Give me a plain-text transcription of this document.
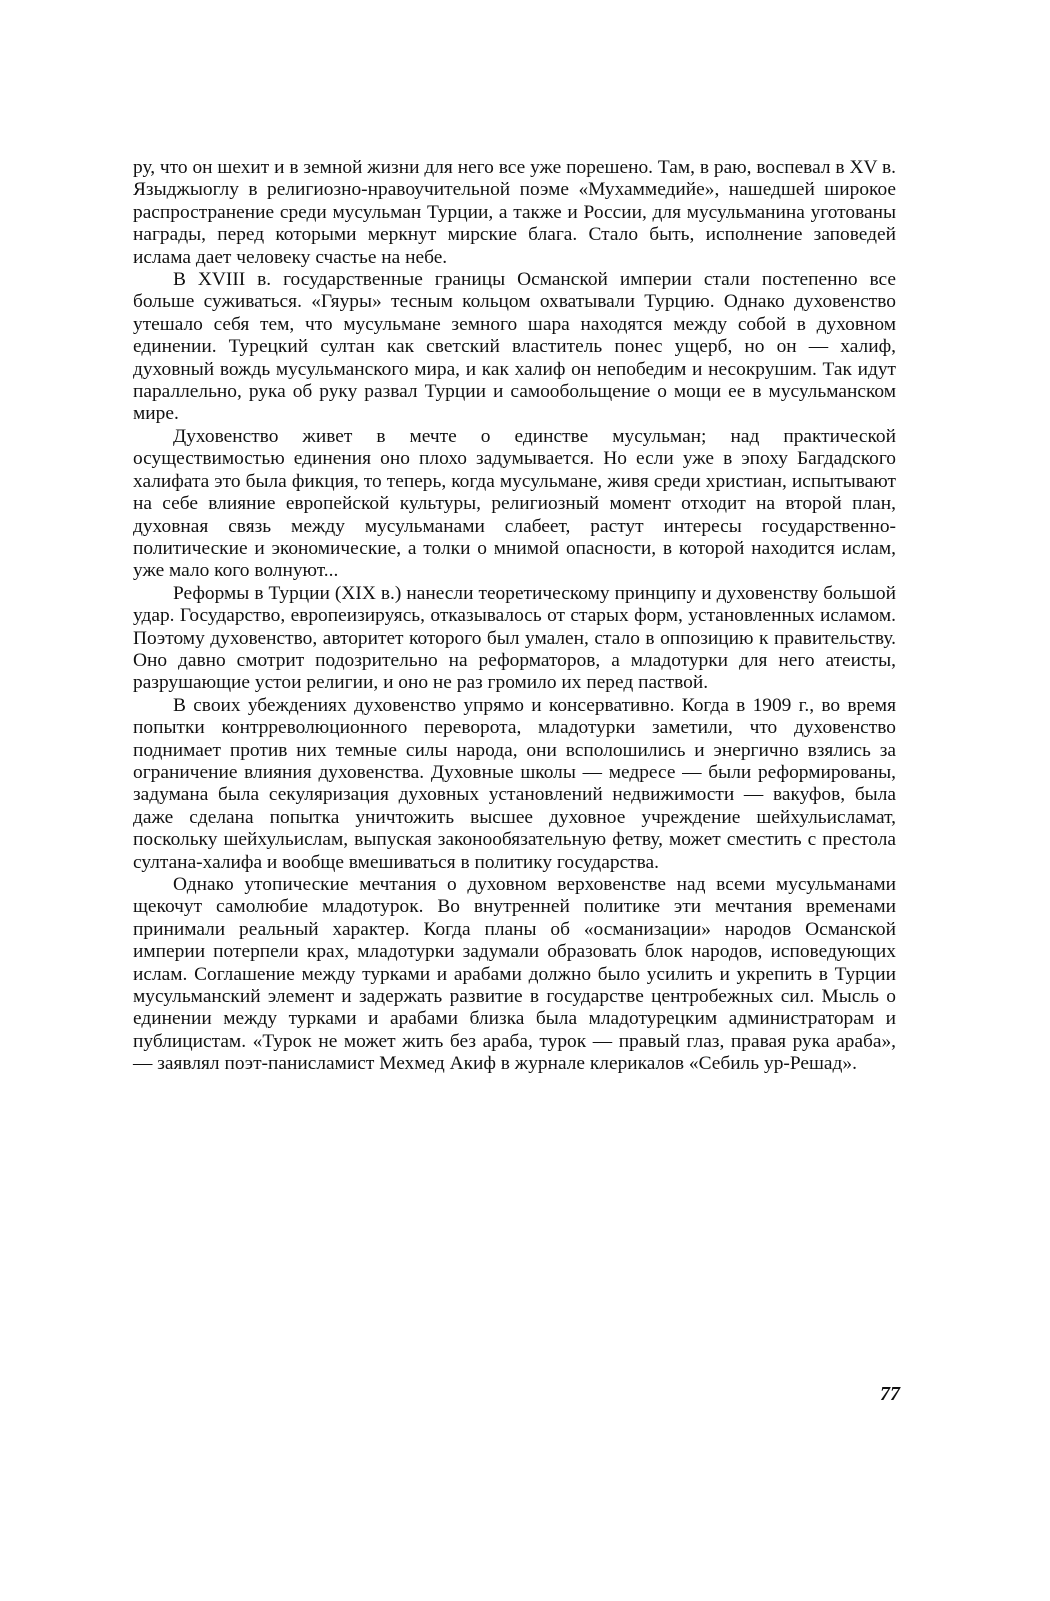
ру, что он шехит и в земной жизни для него все уже порешено. Там, в раю, воспевал в XV в. Языджыоглу в религиозно-нравоучительной поэме «Мухаммедийе», нашедшей широкое распространение среди мусульман Турции, а также и России, для мусульманина уготованы награды, перед которыми меркнут мирские блага. Стало быть, исполнение заповедей ислама дает человеку счастье на небе.

В XVIII в. государственные границы Османской империи стали постепенно все больше суживаться. «Гяуры» тесным кольцом охватывали Турцию. Однако духовенство утешало себя тем, что мусульмане земного шара находятся между собой в духовном единении. Турецкий султан как светский властитель понес ущерб, но он — халиф, духовный вождь мусульманского мира, и как халиф он непобедим и несокрушим. Так идут параллельно, рука об руку развал Турции и самообольщение о мощи ее в мусульманском мире.

Духовенство живет в мечте о единстве мусульман; над практической осуществимостью единения оно плохо задумывается. Но если уже в эпоху Багдадского халифата это была фикция, то теперь, когда мусульмане, живя среди христиан, испытывают на себе влияние европейской культуры, религиозный момент отходит на второй план, духовная связь между мусульманами слабеет, растут интересы государственно-политические и экономические, а толки о мнимой опасности, в которой находится ислам, уже мало кого волнуют...

Реформы в Турции (XIX в.) нанесли теоретическому принципу и духовенству большой удар. Государство, европеизируясь, отказывалось от старых форм, установленных исламом. Поэтому духовенство, авторитет которого был умален, стало в оппозицию к правительству. Оно давно смотрит подозрительно на реформаторов, а младотурки для него атеисты, разрушающие устои религии, и оно не раз громило их перед паствой.

В своих убеждениях духовенство упрямо и консервативно. Когда в 1909 г., во время попытки контрреволюционного переворота, младотурки заметили, что духовенство поднимает против них темные силы народа, они всполошились и энергично взялись за ограничение влияния духовенства. Духовные школы — медресе — были реформированы, задумана была секуляризация духовных установлений недвижимости — вакуфов, была даже сделана попытка уничтожить высшее духовное учреждение шейхульисламат, поскольку шейхульислам, выпуская законообязательную фетву, может сместить с престола султана-халифа и вообще вмешиваться в политику государства.

Однако утопические мечтания о духовном верховенстве над всеми мусульманами щекочут самолюбие младотурок. Во внутренней политике эти мечтания временами принимали реальный характер. Когда планы об «османизации» народов Османской империи потерпели крах, младотурки задумали образовать блок народов, исповедующих ислам. Соглашение между турками и арабами должно было усилить и укрепить в Турции мусульманский элемент и задержать развитие в государстве центробежных сил. Мысль о единении между турками и арабами близка была младотурецким администраторам и публицистам. «Турок не может жить без араба, турок — правый глаз, правая рука араба», — заявлял поэт-панисламист Мехмед Акиф в журнале клерикалов «Себиль ур-Решад».

77
